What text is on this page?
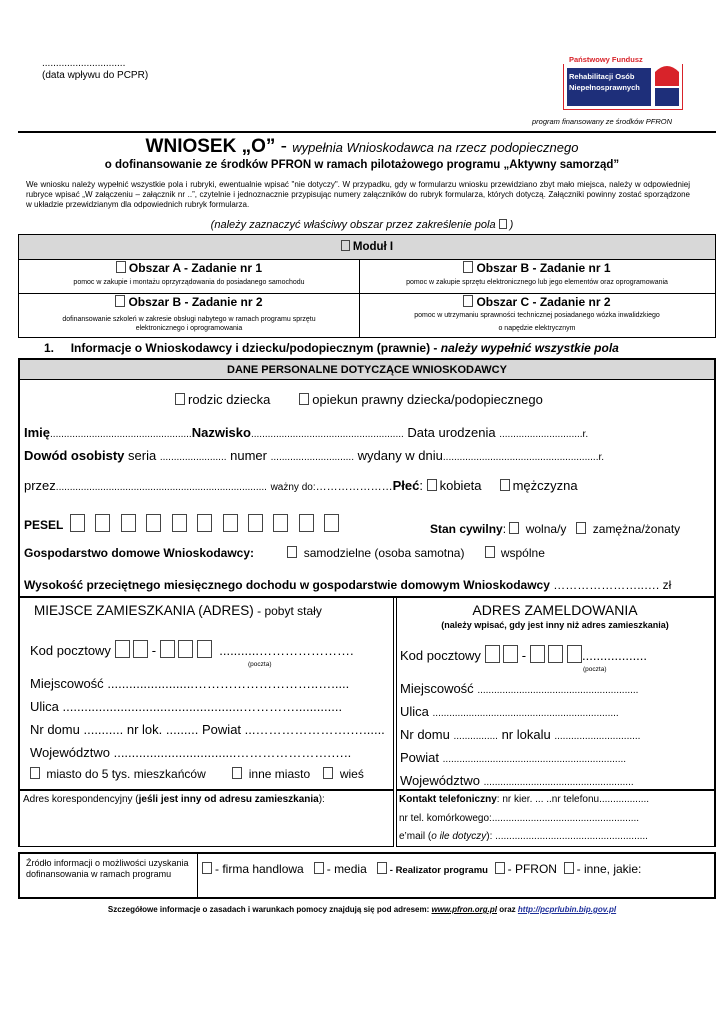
..............................
(data wpływu do PCPR)
Państwowy Fundusz
Rehabilitacji Osób
Niepełnosprawnych
program finansowany ze środków PFRON
WNIOSEK „O” - wypełnia Wnioskodawca na rzecz podopiecznego
o dofinansowanie ze środków PFRON w ramach pilotażowego programu „Aktywny samorząd”
We wniosku należy wypełnić wszystkie pola i rubryki, ewentualnie wpisać "nie dotyczy". W przypadku, gdy w formularzu wniosku przewidziano zbyt mało miejsca, należy w odpowiedniej rubryce wpisać „W załączeniu – załącznik nr ..”, czytelnie i jednoznacznie przypisując numery załączników do rubryk formularza, których dotyczą. Załączniki powinny zostać sporządzone w układzie przewidzianym dla odpowiednich rubryk formularza.
(należy zaznaczyć właściwy obszar przez zakreślenie pola )
Moduł I
Obszar A - Zadanie nr 1
pomoc w zakupie i montażu oprzyrządowania do posiadanego samochodu
Obszar B - Zadanie nr 1
pomoc w zakupie sprzętu elektronicznego lub jego elementów oraz oprogramowania
Obszar B - Zadanie nr 2
dofinansowanie szkoleń w zakresie obsługi nabytego w ramach programu sprzętu elektronicznego i oprogramowania
Obszar C - Zadanie nr 2
pomoc w utrzymaniu sprawności technicznej posiadanego wózka inwalidzkiego
o napędzie elektrycznym
1. Informacje o Wnioskodawcy i dziecku/podopiecznym (prawnie) - należy wypełnić wszystkie pola
DANE PERSONALNE DOTYCZĄCE WNIOSKODAWCY
rodzic dziecka	opiekun prawny dziecka/podopiecznego
Imię...................................................Nazwisko....................................................... Data urodzenia ..............................r.
Dowód osobisty seria ........................ numer .............................. wydany w dniu........................................................r.
przez............................................................................ ważny do:…………………Płeć: kobieta mężczyzna
PESEL	Stan cywilny:  wolna/y zamężna/żonaty
Gospodarstwo domowe Wnioskodawcy:	samodzielne (osoba samotna)	wspólne
Wysokość przeciętnego miesięcznego dochodu w gospodarstwie domowym Wnioskodawcy …………………..…. zł
MIEJSCE ZAMIESZKANIA (ADRES) - pobyt stały
Kod pocztowy	-	...........………………….
(poczta)
Miejscowość ........................………………………..….....
Ulica ..................................................………….............
Nr domu ........... nr lok. ......... Powiat ...………………….…......
Województwo ..................................………………….…..
miasto do 5 tys. mieszkańców	inne miasto wieś
ADRES ZAMELDOWANIA
(należy wpisać, gdy jest inny niż adres zamieszkania)
Kod pocztowy	-	..................
(poczta)
Miejscowość ..........................................................
Ulica ...................................................................
Nr domu ................ nr lokalu ...............................
Powiat ..................................................................
Województwo ......................................................
Adres korespondencyjny (jeśli jest inny od adresu zamieszkania):	Kontakt telefoniczny: nr kier. ... ..nr telefonu..................
nr tel. komórkowego:.....................................................
e’mail (o ile dotyczy): .......................................................
Źródło informacji o możliwości uzyskania dofinansowania w ramach programu	- firma handlowa - media - Realizator programu - PFRON - inne, jakie:
Szczegółowe informacje o zasadach i warunkach pomocy znajdują się pod adresem: www.pfron.org.pl oraz http://pcprlubin.bip.gov.pl
